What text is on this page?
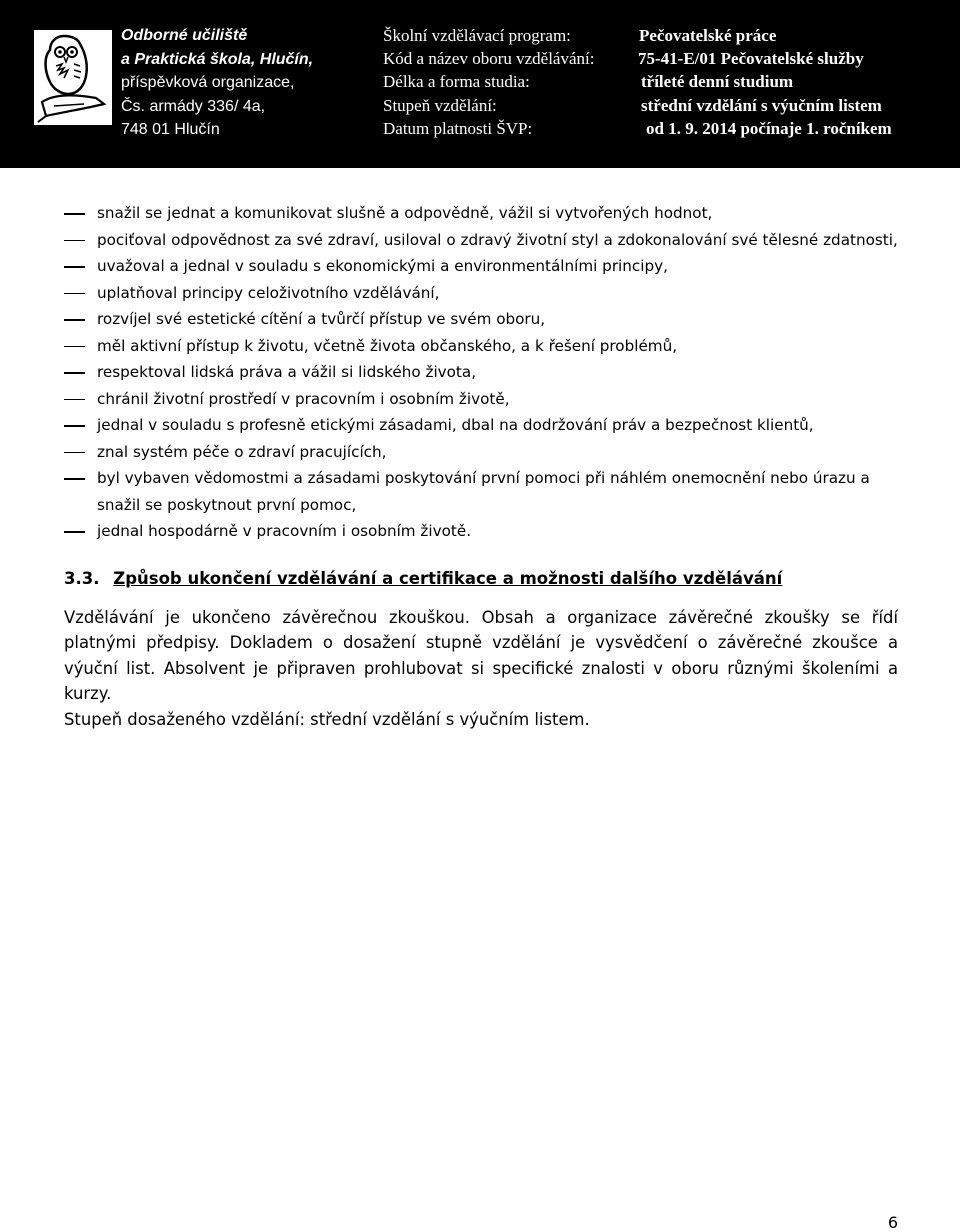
Odborné učiliště
a Praktická škola, Hlučín,
příspěvková organizace,
Čs. armády 336/ 4a,
748 01 Hlučín
Školní vzdělávací program:	Pečovatelské práce
Kód a název oboru vzdělávání:	75-41-E/01 Pečovatelské služby
Délka a forma studia:	tříleté denní studium
Stupeň vzdělání:	střední vzdělání s výučním listem
Datum platnosti ŠVP:	od 1. 9. 2014 počínaje 1. ročníkem
snažil se jednat a komunikovat slušně a odpovědně, vážil si vytvořených hodnot,
pociťoval odpovědnost za své zdraví, usiloval o zdravý životní styl a zdokonalování své tělesné zdatnosti,
uvažoval a jednal v souladu s ekonomickými a environmentálními principy,
uplatňoval principy celoživotního vzdělávání,
rozvíjel své estetické cítění a tvůrčí přístup ve svém oboru,
měl aktivní přístup k životu, včetně života občanského, a k řešení problémů,
respektoval lidská práva a vážil si lidského života,
chránil životní prostředí v pracovním i osobním životě,
jednal v souladu s profesně etickými zásadami, dbal na dodržování práv a bezpečnost klientů,
znal systém péče o zdraví pracujících,
byl vybaven vědomostmi a zásadami poskytování první pomoci při náhlém onemocnění nebo úrazu a snažil se poskytnout první pomoc,
jednal hospodárně v pracovním i osobním životě.
3.3. Způsob ukončení vzdělávání a certifikace a možnosti dalšího vzdělávání

Vzdělávání je ukončeno závěrečnou zkouškou. Obsah a organizace závěrečné zkoušky se řídí platnými předpisy. Dokladem o dosažení stupně vzdělání je vysvědčení o závěrečné zkoušce a výuční list. Absolvent je připraven prohlubovat si specifické znalosti v oboru různými školeními a kurzy.

Stupeň dosaženého vzdělání: střední vzdělání s výučním listem.

6
